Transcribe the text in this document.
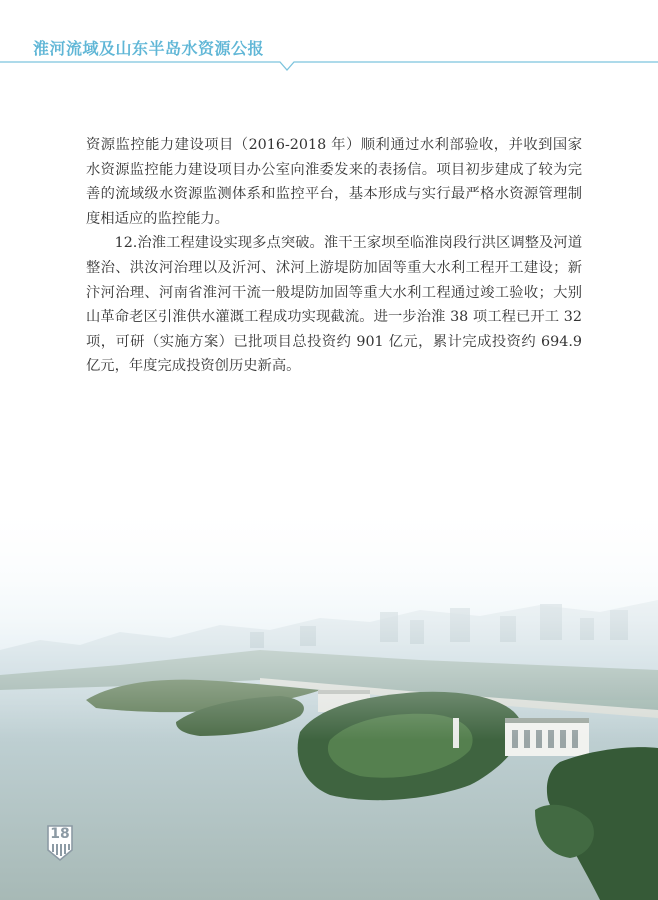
淮河流域及山东半岛水资源公报

资源监控能力建设项目（2016-2018 年）顺利通过水利部验收，并收到国家水资源监控能力建设项目办公室向淮委发来的表扬信。项目初步建成了较为完善的流域级水资源监测体系和监控平台，基本形成与实行最严格水资源管理制度相适应的监控能力。

12.治淮工程建设实现多点突破。淮干王家坝至临淮岗段行洪区调整及河道整治、洪汝河治理以及沂河、沭河上游堤防加固等重大水利工程开工建设；新汴河治理、河南省淮河干流一般堤防加固等重大水利工程通过竣工验收；大别山革命老区引淮供水灌溉工程成功实现截流。进一步治淮 38 项工程已开工 32 项，可研（实施方案）已批项目总投资约 901 亿元，累计完成投资约 694.9 亿元，年度完成投资创历史新高。

18
